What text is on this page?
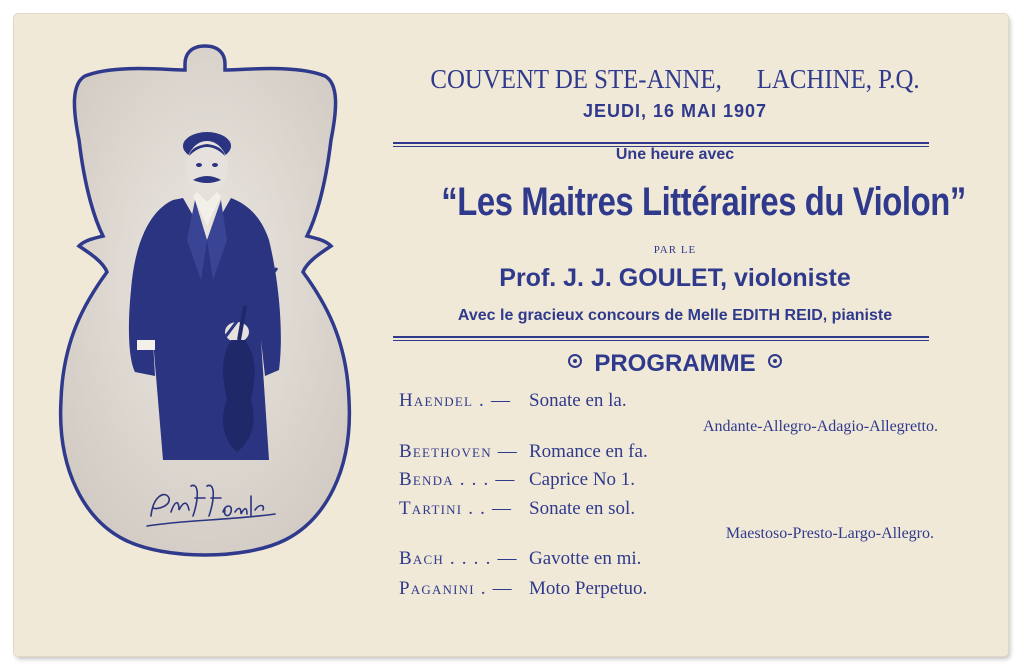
COUVENT DE STE-ANNE, LACHINE, P.Q.
JEUDI, 16 MAI 1907
Une heure avec
“Les Maitres Littéraires du Violon”
PAR LE
Prof. J. J. GOULET, violoniste
Avec le gracieux concours de Melle EDITH REID, pianiste
PROGRAMME
Haendel . — Sonate en la.
Andante-Allegro-Adagio-Allegretto.
Beethoven — Romance en fa.
Benda . . . — Caprice No 1.
Tartini . . — Sonate en sol.
Maestoso-Presto-Largo-Allegro.
Bach . . . . — Gavotte en mi.
Paganini . — Moto Perpetuo.
